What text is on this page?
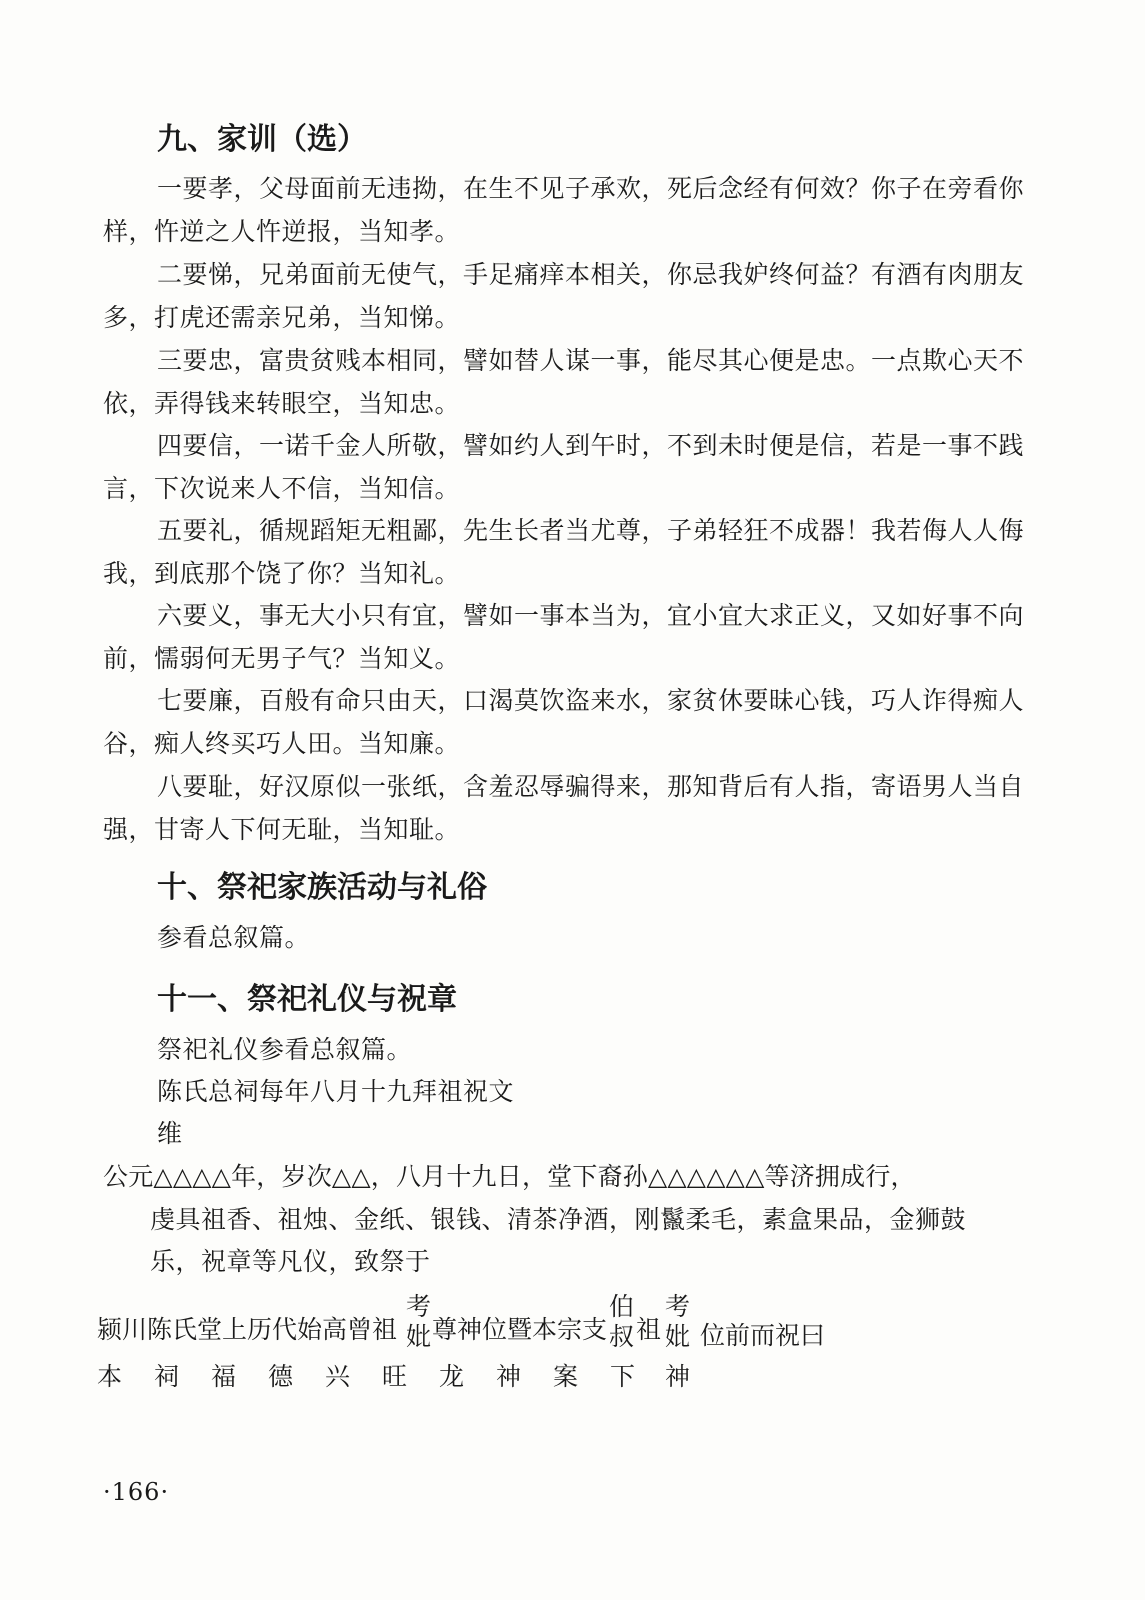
九、家训（选）

一要孝，父母面前无违拗，在生不见子承欢，死后念经有何效？你子在旁看你样，忤逆之人忤逆报，当知孝。

二要悌，兄弟面前无使气，手足痛痒本相关，你忌我妒终何益？有酒有肉朋友多，打虎还需亲兄弟，当知悌。

三要忠，富贵贫贱本相同，譬如替人谋一事，能尽其心便是忠。一点欺心天不依，弄得钱来转眼空，当知忠。

四要信，一诺千金人所敬，譬如约人到午时，不到未时便是信，若是一事不践言，下次说来人不信，当知信。

五要礼，循规蹈矩无粗鄙，先生长者当尤尊，子弟轻狂不成器！我若侮人人侮我，到底那个饶了你？当知礼。

六要义，事无大小只有宜，譬如一事本当为，宜小宜大求正义，又如好事不向前，懦弱何无男子气？当知义。

七要廉，百般有命只由天，口渴莫饮盗来水，家贫休要昧心钱，巧人诈得痴人谷，痴人终买巧人田。当知廉。

八要耻，好汉原似一张纸，含羞忍辱骗得来，那知背后有人指，寄语男人当自强，甘寄人下何无耻，当知耻。

十、祭祀家族活动与礼俗

参看总叙篇。

十一、祭祀礼仪与祝章

祭祀礼仪参看总叙篇。

陈氏总祠每年八月十九拜祖祝文

维

公元△△△△年，岁次△△，八月十九日，堂下裔孙△△△△△△等济拥成行，

虔具祖香、祖烛、金纸、银钱、清茶净酒，刚鬣柔毛，素盒果品，金狮鼓

乐，祝章等凡仪，致祭于

颍川陈氏堂上历代始高曾祖
考
妣 尊神位暨本宗支
伯
叔 祖
考
妣 位前而祝曰
本 祠 福 德 兴 旺 龙 神 案 下 神
·166·
